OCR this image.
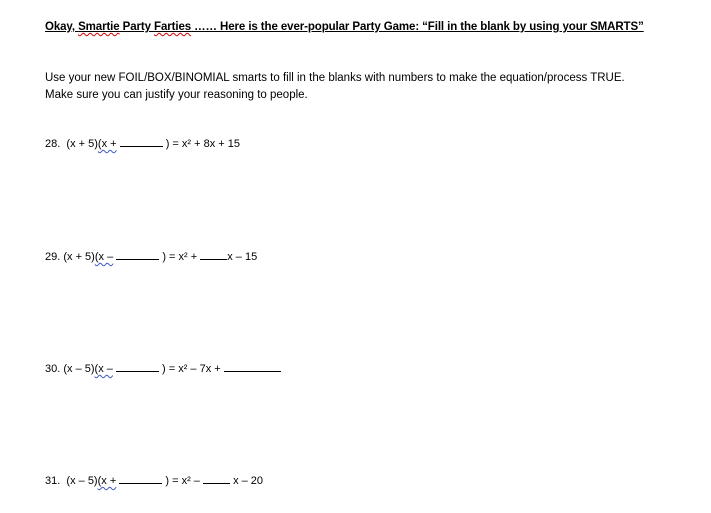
Okay, Smartie Party Farties …… Here is the ever-popular Party Game: “Fill in the blank by using your SMARTS”
Use your new FOIL/BOX/BINOMIAL smarts to fill in the blanks with numbers to make the equation/process TRUE.
Make sure you can justify your reasoning to people.
28. (x + 5)(x +	) = x² + 8x + 15
29. (x + 5)(x –	) = x² +	x – 15
30. (x – 5)(x –	) = x² – 7x +
31. (x – 5)(x +	) = x² –	x – 20
